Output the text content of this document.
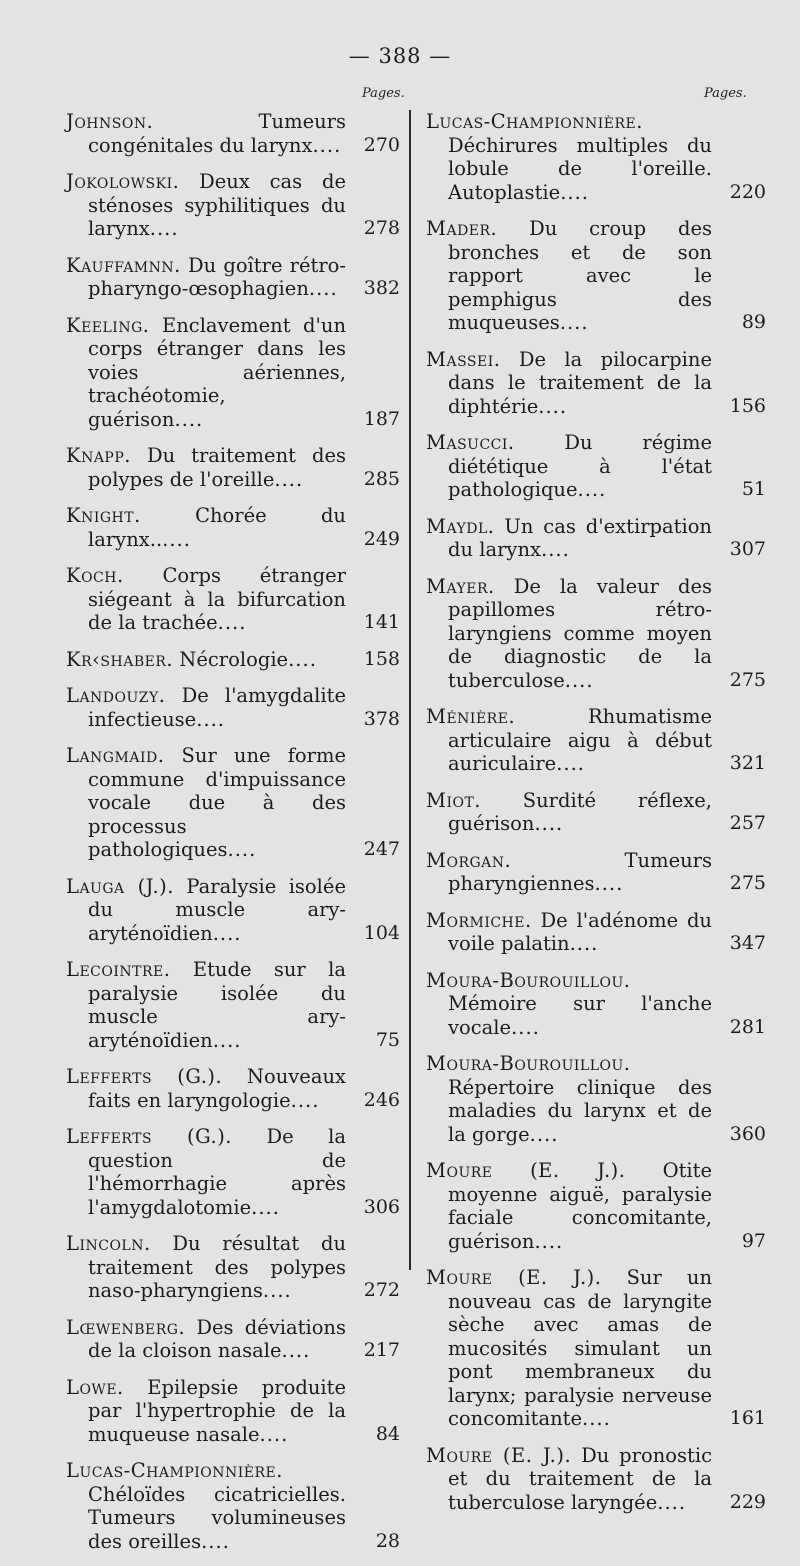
— 388 —
Pages.	Pages.
Johnson.	Tumeurs congénitales du larynx....	270
Jokolowski. Deux cas de sténoses syphilitiques du larynx....	278
Kauffamnn. Du goître rétro-pharyngo-œsophagien....	382
Keeling. Enclavement d'un corps étranger dans les voies aériennes, trachéotomie, guérison....	187
Knapp. Du traitement des polypes de l'oreille....	285
Knight.	Chorée du larynx......	249
Koch. Corps étranger siégeant à la bifurcation de la trachée....	141
Kr‹shaber. Nécrologie....	158
Landouzy. De l'amygdalite infectieuse....	378
Langmaid. Sur une forme commune d'impuissance vocale due à des processus pathologiques....	247
Lauga (J.). Paralysie isolée du muscle ary-aryténoïdien....	104
Lecointre. Etude sur la paralysie isolée du muscle ary-aryténoïdien....	75
Lefferts (G.). Nouveaux faits en laryngologie....	246
Lefferts (G.). De la question de l'hémorrhagie après l'amygdalotomie....	306
Lincoln. Du résultat du traitement des polypes naso-pharyngiens....	272
Lœwenberg. Des déviations de la cloison nasale....	217
Lowe. Epilepsie produite par l'hypertrophie de la muqueuse nasale....	84
Lucas-Championnière. Chéloïdes cicatricielles. Tumeurs volumineuses des oreilles....	28
Lucas-Championnière. Déchirures multiples du lobule de l'oreille. Autoplastie....	220
Mader. Du croup des bronches et de son rapport avec le pemphigus des muqueuses....	89
Massei. De la pilocarpine dans le traitement de la diphtérie....	156
Masucci.	Du régime diététique à l'état pathologique....	51
Maydl. Un cas d'extirpation du larynx....	307
Mayer. De la valeur des papillomes rétro-laryngiens comme moyen de diagnostic de la tuberculose....	275
Ménière.	Rhumatisme articulaire aigu à début auriculaire....	321
Miot. Surdité réflexe, guérison....	257
Morgan.	Tumeurs pharyngiennes....	275
Mormiche. De l'adénome du voile palatin....	347
Moura-Bourouillou. Mémoire sur l'anche vocale....	281
Moura-Bourouillou. Répertoire clinique des maladies du larynx et de la gorge....	360
Moure (E. J.). Otite moyenne aiguë, paralysie faciale concomitante, guérison....	97
Moure (E. J.). Sur un nouveau cas de laryngite sèche avec amas de mucosités simulant un pont membraneux du larynx; paralysie nerveuse concomitante....	161
Moure (E. J.). Du pronostic et du traitement de la tuberculose laryngée....	229
